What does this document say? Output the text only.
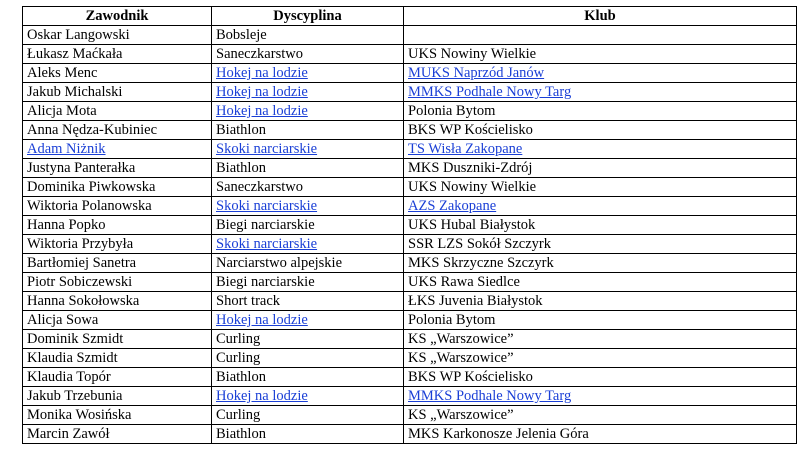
Zawodnik	Dyscyplina	Klub
Oskar Langowski	Bobsleje	
Łukasz Maćkała	Saneczkarstwo	UKS Nowiny Wielkie
Aleks Menc	Hokej na lodzie	MUKS Naprzód Janów
Jakub Michalski	Hokej na lodzie	MMKS Podhale Nowy Targ
Alicja Mota	Hokej na lodzie	Polonia Bytom
Anna Nędza-Kubiniec	Biathlon	BKS WP Kościelisko
Adam Niżnik	Skoki narciarskie	TS Wisła Zakopane
Justyna Panterałka	Biathlon	MKS Duszniki-Zdrój
Dominika Piwkowska	Saneczkarstwo	UKS Nowiny Wielkie
Wiktoria Polanowska	Skoki narciarskie	AZS Zakopane
Hanna Popko	Biegi narciarskie	UKS Hubal Białystok
Wiktoria Przybyła	Skoki narciarskie	SSR LZS Sokół Szczyrk
Bartłomiej Sanetra	Narciarstwo alpejskie	MKS Skrzyczne Szczyrk
Piotr Sobiczewski	Biegi narciarskie	UKS Rawa Siedlce
Hanna Sokołowska	Short track	ŁKS Juvenia Białystok
Alicja Sowa	Hokej na lodzie	Polonia Bytom
Dominik Szmidt	Curling	KS „Warszowice”
Klaudia Szmidt	Curling	KS „Warszowice”
Klaudia Topór	Biathlon	BKS WP Kościelisko
Jakub Trzebunia	Hokej na lodzie	MMKS Podhale Nowy Targ
Monika Wosińska	Curling	KS „Warszowice”
Marcin Zawół	Biathlon	MKS Karkonosze Jelenia Góra
